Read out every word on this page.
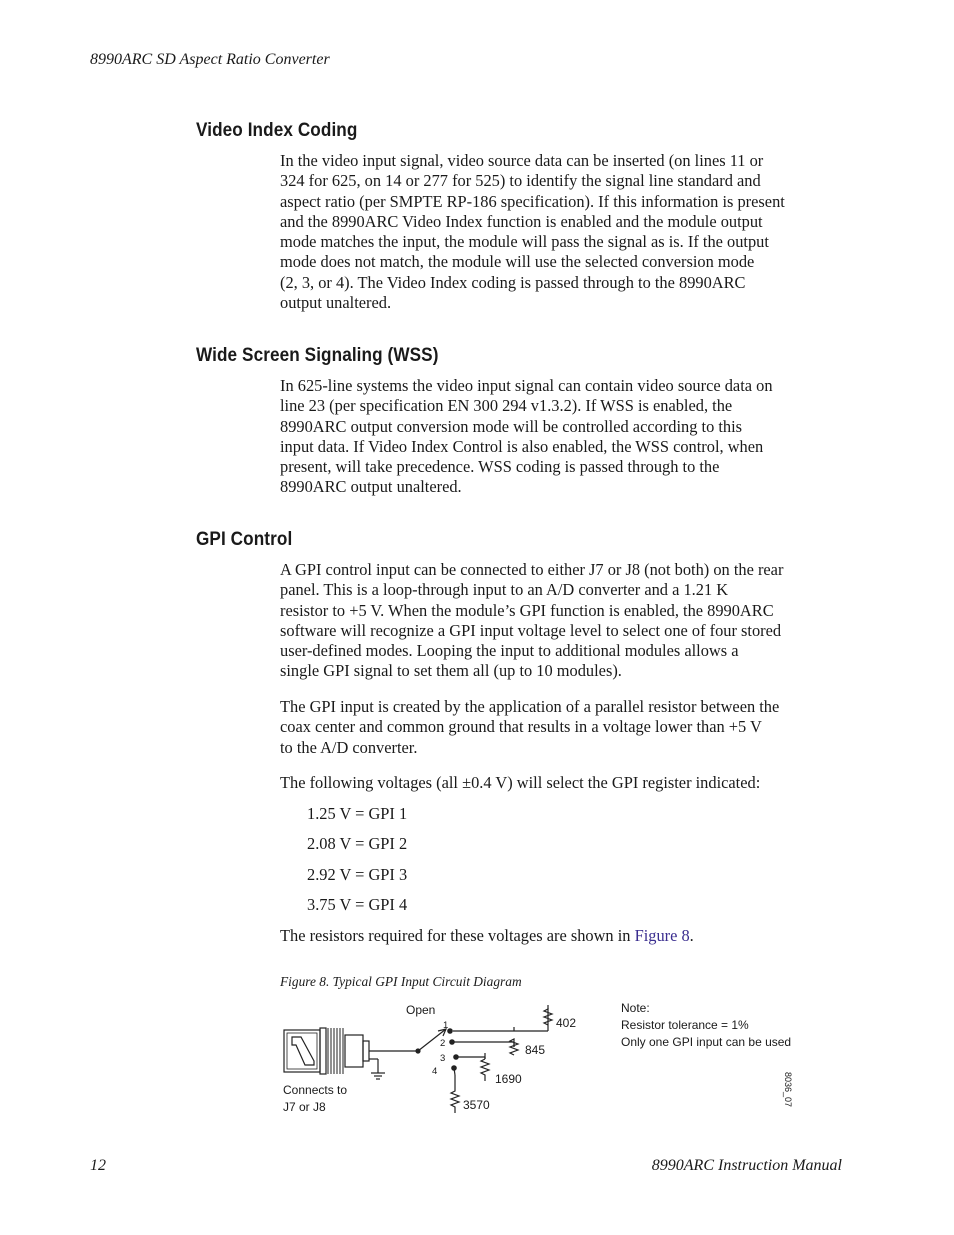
8990ARC SD Aspect Ratio Converter
Video Index Coding
In the video input signal, video source data can be inserted (on lines 11 or
324 for 625, on 14 or 277 for 525) to identify the signal line standard and
aspect ratio (per SMPTE RP-186 specification). If this information is present
and the 8990ARC Video Index function is enabled and the module output
mode matches the input, the module will pass the signal as is. If the output
mode does not match, the module will use the selected conversion mode
(2, 3, or 4). The Video Index coding is passed through to the 8990ARC
output unaltered.
Wide Screen Signaling (WSS)
In 625-line systems the video input signal can contain video source data on
line 23 (per specification EN 300 294 v1.3.2). If WSS is enabled, the
8990ARC output conversion mode will be controlled according to this
input data. If Video Index Control is also enabled, the WSS control, when
present, will take precedence. WSS coding is passed through to the
8990ARC output unaltered.
GPI Control
A GPI control input can be connected to either J7 or J8 (not both) on the rear
panel. This is a loop-through input to an A/D converter and a 1.21 K
resistor to +5 V. When the module’s GPI function is enabled, the 8990ARC
software will recognize a GPI input voltage level to select one of four stored
user-defined modes. Looping the input to additional modules allows a
single GPI signal to set them all (up to 10 modules).
The GPI input is created by the application of a parallel resistor between the
coax center and common ground that results in a voltage lower than +5 V
to the A/D converter.
The following voltages (all ±0.4 V) will select the GPI register indicated:
1.25 V = GPI 1
2.08 V = GPI 2
2.92 V = GPI 3
3.75 V = GPI 4
The resistors required for these voltages are shown in Figure 8.
Figure 8. Typical GPI Input Circuit Diagram
Open
1
2
3
4
402
845
1690
3570
Connects to
J7 or J8
Note:
Resistor tolerance = 1%
Only one GPI input can be used
8036_07
12	8990ARC Instruction Manual
